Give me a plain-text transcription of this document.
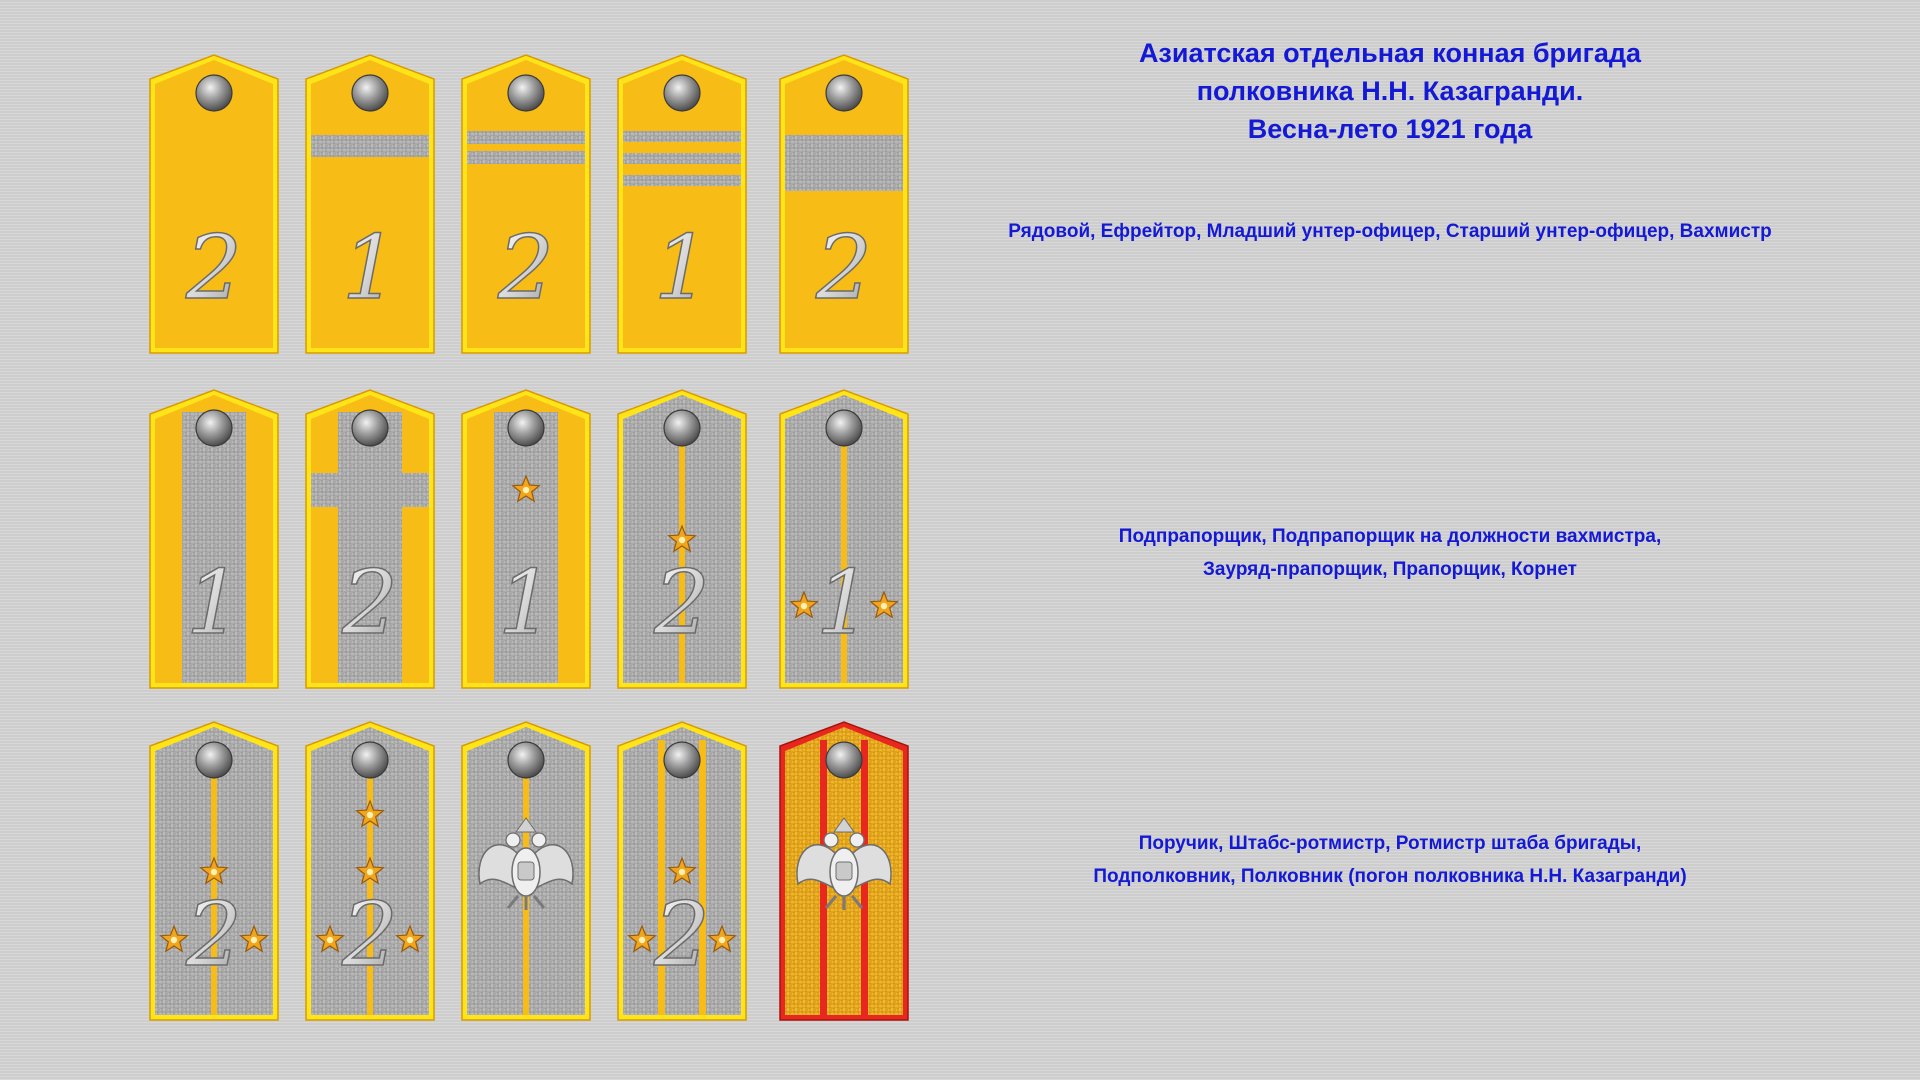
2 1 2 1 2
1 2 1 2 1
2 2	2

Азиатская отдельная конная бригада

полковника Н.Н. Казагранди.

Весна-лето 1921 года

Рядовой, Ефрейтор, Младший унтер-офицер, Старший унтер-офицер, Вахмистр

Подпрапорщик, Подпрапорщик на должности вахмистра,

Зауряд-прапорщик, Прапорщик, Корнет

Поручик, Штабс-ротмистр, Ротмистр штаба бригады,

Подполковник, Полковник (погон полковника Н.Н. Казагранди)
